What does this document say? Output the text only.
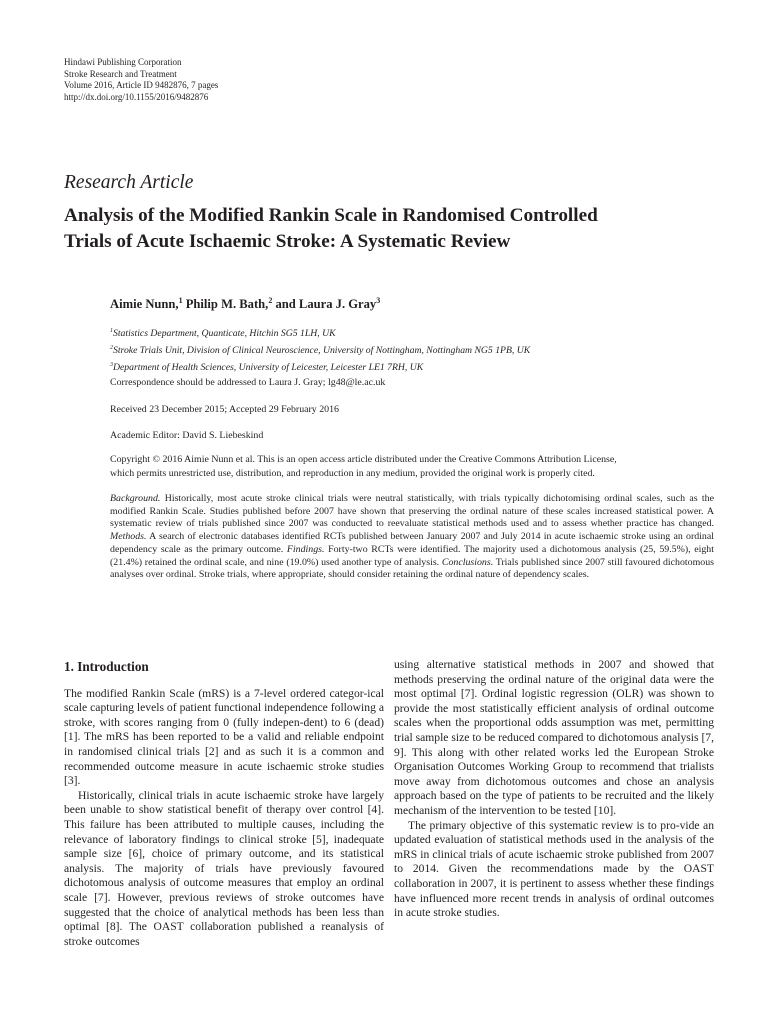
Hindawi Publishing Corporation
Stroke Research and Treatment
Volume 2016, Article ID 9482876, 7 pages
http://dx.doi.org/10.1155/2016/9482876
Research Article
Analysis of the Modified Rankin Scale in Randomised Controlled
Trials of Acute Ischaemic Stroke: A Systematic Review
Aimie Nunn,$^1$ Philip M. Bath,$^2$ and Laura J. Gray$^3$
$^1$Statistics Department, Quanticate, Hitchin SG5 1LH, UK
$^2$Stroke Trials Unit, Division of Clinical Neuroscience, University of Nottingham, Nottingham NG5 1PB, UK
$^3$Department of Health Sciences, University of Leicester, Leicester LE1 7RH, UK
Correspondence should be addressed to Laura J. Gray; lg48@le.ac.uk
Received 23 December 2015; Accepted 29 February 2016
Academic Editor: David S. Liebeskind
Copyright © 2016 Aimie Nunn et al. This is an open access article distributed under the Creative Commons Attribution License,
which permits unrestricted use, distribution, and reproduction in any medium, provided the original work is properly cited.
Background. Historically, most acute stroke clinical trials were neutral statistically, with trials typically dichotomising ordinal scales, such as the modified Rankin Scale. Studies published before 2007 have shown that preserving the ordinal nature of these scales increased statistical power. A systematic review of trials published since 2007 was conducted to reevaluate statistical methods used and to assess whether practice has changed. Methods. A search of electronic databases identified RCTs published between January 2007 and July 2014 in acute ischaemic stroke using an ordinal dependency scale as the primary outcome. Findings. Forty-two RCTs were identified. The majority used a dichotomous analysis (25, 59.5%), eight (21.4%) retained the ordinal scale, and nine (19.0%) used another type of analysis. Conclusions. Trials published since 2007 still favoured dichotomous analyses over ordinal. Stroke trials, where appropriate, should consider retaining the ordinal nature of dependency scales.
1. Introduction

The modified Rankin Scale (mRS) is a 7-level ordered categor-ical scale capturing levels of patient functional independence following a stroke, with scores ranging from 0 (fully indepen-dent) to 6 (dead) [1]. The mRS has been reported to be a valid and reliable endpoint in randomised clinical trials [2] and as such it is a common and recommended outcome measure in acute ischaemic stroke studies [3].

Historically, clinical trials in acute ischaemic stroke have largely been unable to show statistical benefit of therapy over control [4]. This failure has been attributed to multiple causes, including the relevance of laboratory findings to clinical stroke [5], inadequate sample size [6], choice of primary outcome, and its statistical analysis. The majority of trials have previously favoured dichotomous analysis of outcome measures that employ an ordinal scale [7]. However, previous reviews of stroke outcomes have suggested that the choice of analytical methods has been less than optimal [8]. The OAST collaboration published a reanalysis of stroke outcomes

using alternative statistical methods in 2007 and showed that methods preserving the ordinal nature of the original data were the most optimal [7]. Ordinal logistic regression (OLR) was shown to provide the most statistically efficient analysis of ordinal outcome scales when the proportional odds assumption was met, permitting trial sample size to be reduced compared to dichotomous analysis [7, 9]. This along with other related works led the European Stroke Organisation Outcomes Working Group to recommend that trialists move away from dichotomous outcomes and chose an analysis approach based on the type of patients to be recruited and the likely mechanism of the intervention to be tested [10].

The primary objective of this systematic review is to pro-vide an updated evaluation of statistical methods used in the analysis of the mRS in clinical trials of acute ischaemic stroke published from 2007 to 2014. Given the recommendations made by the OAST collaboration in 2007, it is pertinent to assess whether these findings have influenced more recent trends in analysis of ordinal outcomes in acute stroke studies.
